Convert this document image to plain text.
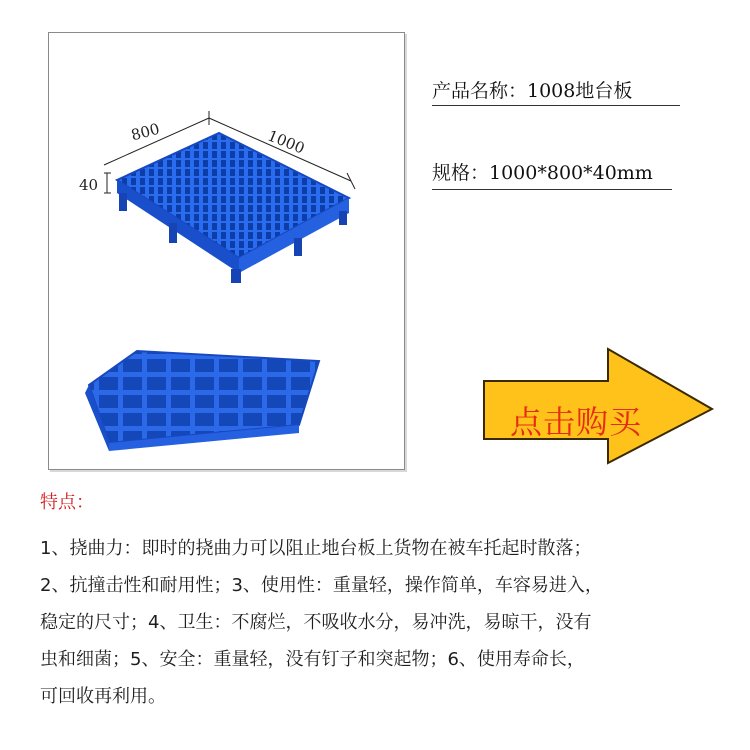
800	1000
40
产品名称：1008地台板
规格：1000*800*40mm
点击购买
特点：
1、挠曲力：即时的挠曲力可以阻止地台板上货物在被车托起时散落；
2、抗撞击性和耐用性；3、使用性：重量轻，操作简单，车容易进入，
稳定的尺寸；4、卫生：不腐烂，不吸收水分，易冲洗，易晾干，没有
虫和细菌；5、安全：重量轻，没有钉子和突起物；6、使用寿命长，
可回收再利用。
